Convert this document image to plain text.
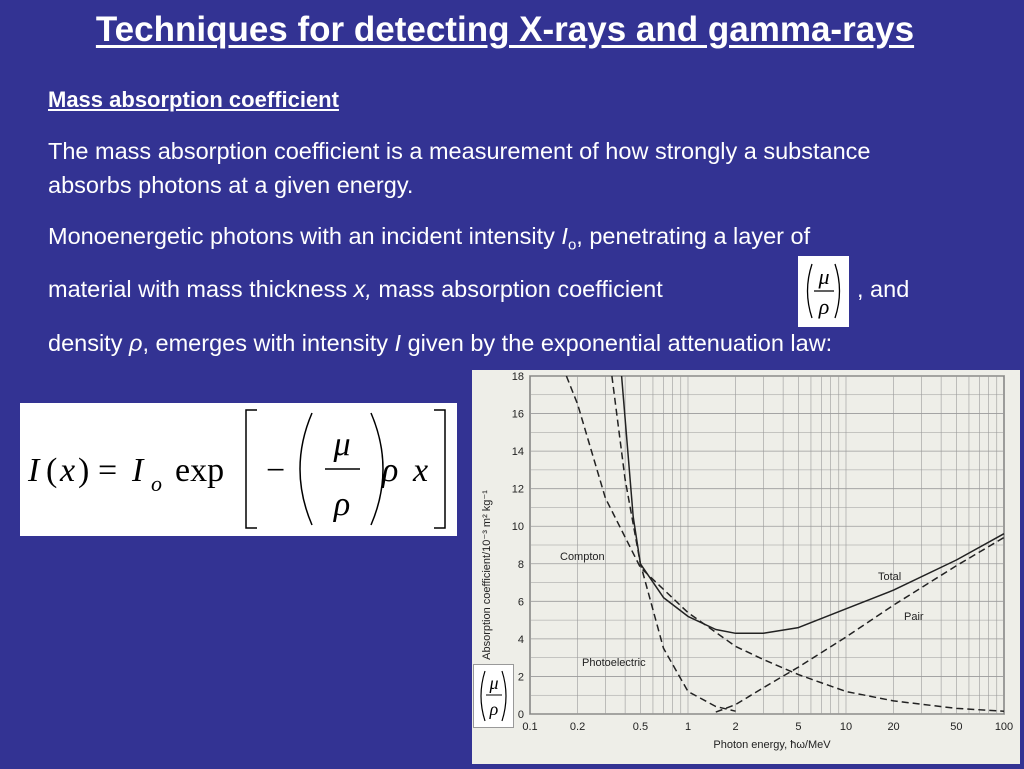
Techniques for detecting X-rays and gamma-rays
Mass absorption coefficient
The mass absorption coefficient is a measurement of how strongly a substance absorbs photons at a given energy.
Monoenergetic photons with an incident intensity $I_o$, penetrating a layer of
material with mass thickness x, mass absorption coefficient	, and
density ρ, emerges with intensity I given by the exponential attenuation law:
μ
ρ
I ( x ) = I o exp −
μ
ρ
ρ x
0.1	0.2	0.5	1	2	5	10	20	50	100
0
2
4
6
8
10
12
14
16
18
Absorption coefficient/10⁻³ m² kg⁻¹
Photon energy, ħω/MeV
Compton
Photoelectric
Total
Pair
μ
ρ
